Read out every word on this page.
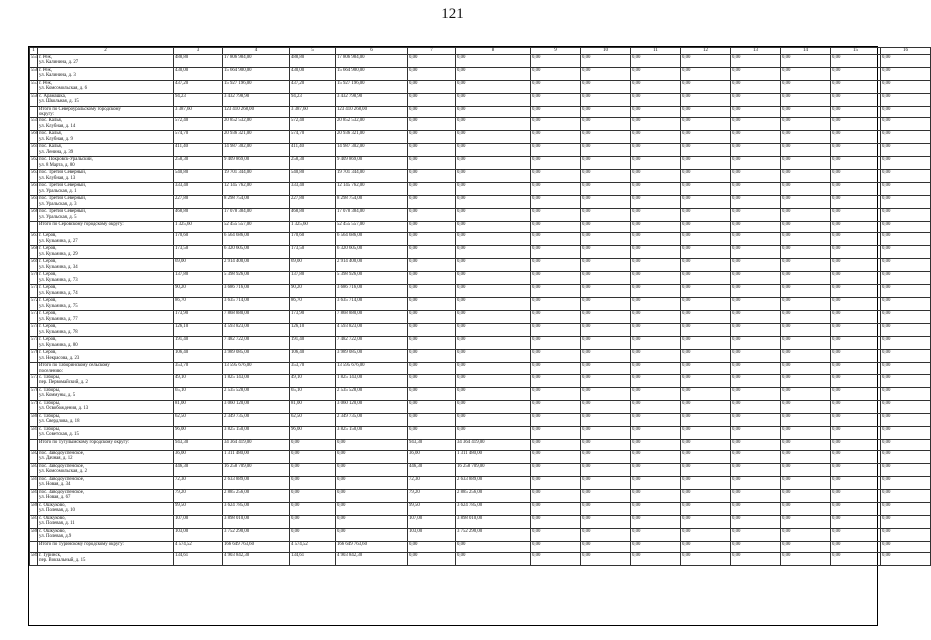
121
1	2	3	4	5	6	7	8	9	10	11	12	13	14	15	16
555	г. Реж,
ул. Калинина, д. 27	488,80	17 806 984,00	488,80	17 806 984,00	0,00	0,00	0,00	0,00	0,00	0,00	0,00	0,00	0,00	0,00
556	г. Реж,
ул. Калинина, д. 3	430,00	15 664 900,00	430,00	15 664 900,00	0,00	0,00	0,00	0,00	0,00	0,00	0,00	0,00	0,00	0,00
557	г. Реж,
ул. Комсомольская, д. 6	437,20	15 927 196,00	437,20	15 927 196,00	0,00	0,00	0,00	0,00	0,00	0,00	0,00	0,00	0,00	0,00
558	с. Арамашка,
ул. Школьная, д. 15	94,23	3 432 798,90	94,23	3 432 798,90	0,00	0,00	0,00	0,00	0,00	0,00	0,00	0,00	0,00	0,00

	Итого по Североуральскому городскому
округу:	3 387,60	123 410 268,00	3 387,60	123 410 268,00	0,00	0,00	0,00	0,00	0,00	0,00	0,00	0,00	0,00	0,00
559	пос. Калья,
ул. Клубная, д. 14	572,40	20 852 532,00	572,40	20 852 532,00	0,00	0,00	0,00	0,00	0,00	0,00	0,00	0,00	0,00	0,00
560	пос. Калья,
ул. Клубная, д. 9	574,70	20 936 321,00	574,70	20 936 321,00	0,00	0,00	0,00	0,00	0,00	0,00	0,00	0,00	0,00	0,00
561	пос. Калья,
ул. Ленина, д. 39	411,40	14 987 302,00	411,40	14 987 302,00	0,00	0,00	0,00	0,00	0,00	0,00	0,00	0,00	0,00	0,00
562	пос. Покровск-Уральский,
ул. 8 Марта, д. 80	258,30	9 409 869,00	258,30	9 409 869,00	0,00	0,00	0,00	0,00	0,00	0,00	0,00	0,00	0,00	0,00
563	пос. Третий Северный,
ул. Клубная, д. 13	540,80	19 701 344,00	540,80	19 701 344,00	0,00	0,00	0,00	0,00	0,00	0,00	0,00	0,00	0,00	0,00
564	пос. Третий Северный,
ул. Уральская, д. 1	333,40	12 145 762,00	333,40	12 145 762,00	0,00	0,00	0,00	0,00	0,00	0,00	0,00	0,00	0,00	0,00
565	пос. Третий Северный,
ул. Уральская, д. 3	227,80	8 298 754,00	227,80	8 298 754,00	0,00	0,00	0,00	0,00	0,00	0,00	0,00	0,00	0,00	0,00
566	пос. Третий Северный,
ул. Уральская, д. 5	468,80	17 078 384,00	468,80	17 078 384,00	0,00	0,00	0,00	0,00	0,00	0,00	0,00	0,00	0,00	0,00

	Итого по Серовскому городскому округу:	1 325,60	52 455 557,00	1 325,60	52 455 557,00	0,00	0,00	0,00	0,00	0,00	0,00	0,00	0,00	0,00	0,00
567	г. Серов,
ул. Кузьмина, д. 27	170,60	6 564 686,00	170,60	6 564 686,00	0,00	0,00	0,00	0,00	0,00	0,00	0,00	0,00	0,00	0,00
568	г. Серов,
ул. Кузьмина, д. 29	173,50	6 320 605,00	173,50	6 320 605,00	0,00	0,00	0,00	0,00	0,00	0,00	0,00	0,00	0,00	0,00
569	г. Серов,
ул. Кузьмина, д. 34	69,00	2 914 400,00	69,00	2 914 400,00	0,00	0,00	0,00	0,00	0,00	0,00	0,00	0,00	0,00	0,00
570	г. Серов,
ул. Кузьмина, д. 73	137,80	5 398 926,00	137,80	5 398 926,00	0,00	0,00	0,00	0,00	0,00	0,00	0,00	0,00	0,00	0,00
571	г. Серов,
ул. Кузьмина, д. 74	90,20	3 686 716,00	90,20	3 686 716,00	0,00	0,00	0,00	0,00	0,00	0,00	0,00	0,00	0,00	0,00
572	г. Серов,
ул. Кузьмина, д. 75	86,70	3 635 714,00	86,70	3 635 714,00	0,00	0,00	0,00	0,00	0,00	0,00	0,00	0,00	0,00	0,00
573	г. Серов,
ул. Кузьмина, д. 77	173,90	7 868 880,00	173,90	7 868 880,00	0,00	0,00	0,00	0,00	0,00	0,00	0,00	0,00	0,00	0,00
574	г. Серов,
ул. Кузьмина, д. 78	126,10	4 593 823,00	126,10	4 593 823,00	0,00	0,00	0,00	0,00	0,00	0,00	0,00	0,00	0,00	0,00
575	г. Серов,
ул. Кузьмина, д. 80	191,40	7 482 722,00	191,40	7 482 722,00	0,00	0,00	0,00	0,00	0,00	0,00	0,00	0,00	0,00	0,00
576	г. Серов,
ул. Некрасова, д. 23	106,40	3 989 085,00	106,40	3 989 085,00	0,00	0,00	0,00	0,00	0,00	0,00	0,00	0,00	0,00	0,00

	Итого по Таборинскому сельскому
поселению:	353,70	13 595 676,00	353,70	13 595 676,00	0,00	0,00	0,00	0,00	0,00	0,00	0,00	0,00	0,00	0,00
577	с. Таборы,
пер. Первомайский, д. 2	49,10	1 825 143,00	49,10	1 825 143,00	0,00	0,00	0,00	0,00	0,00	0,00	0,00	0,00	0,00	0,00
578	с. Таборы,
ул. Коммуны, д. 5	65,10	2 535 528,00	65,10	2 535 528,00	0,00	0,00	0,00	0,00	0,00	0,00	0,00	0,00	0,00	0,00
579	с. Таборы,
ул. Освобождения, д. 13	81,00	3 060 120,00	81,00	3 060 120,00	0,00	0,00	0,00	0,00	0,00	0,00	0,00	0,00	0,00	0,00
580	с. Таборы,
ул. Свердлова, д. 18	62,50	2 349 735,00	62,50	2 349 735,00	0,00	0,00	0,00	0,00	0,00	0,00	0,00	0,00	0,00	0,00
581	с. Таборы,
ул. Советская, д. 15	96,00	3 825 150,00	96,00	3 825 150,00	0,00	0,00	0,00	0,00	0,00	0,00	0,00	0,00	0,00	0,00

	Итого по Тугулымскому городскому округу:	943,30	34 364 419,00	0,00	0,00	943,30	34 364 419,00	0,00	0,00	0,00	0,00	0,00	0,00	0,00	0,00
582	пос. Заводоуспенское,
ул. Дачная, д. 12	36,00	1 311 480,00	0,00	0,00	36,00	1 311 480,00	0,00	0,00	0,00	0,00	0,00	0,00	0,00	0,00
583	пос. Заводоуспенское,
ул. Комсомольская, д. 2	446,30	16 258 709,00	0,00	0,00	446,30	16 258 709,00	0,00	0,00	0,00	0,00	0,00	0,00	0,00	0,00
584	пос. Заводоуспенское,
ул. Новая, д. 34	72,30	2 633 889,00	0,00	0,00	72,30	2 633 889,00	0,00	0,00	0,00	0,00	0,00	0,00	0,00	0,00
585	пос. Заводоуспенское,
ул. Новая, д. 67	79,20	2 885 256,00	0,00	0,00	79,20	2 885 256,00	0,00	0,00	0,00	0,00	0,00	0,00	0,00	0,00
586	с. Ошкуково,
ул. Полевая, д. 10	99,50	3 624 785,00	0,00	0,00	99,50	3 624 785,00	0,00	0,00	0,00	0,00	0,00	0,00	0,00	0,00
587	с. Ошкуково,
ул. Полевая, д. 11	107,00	3 898 010,00	0,00	0,00	107,00	3 898 010,00	0,00	0,00	0,00	0,00	0,00	0,00	0,00	0,00
588	с. Ошкуково,
ул. Полевая, д.9	103,00	3 752 290,00	0,00	0,00	103,00	3 752 290,00	0,00	0,00	0,00	0,00	0,00	0,00	0,00	0,00

	Итого по Туринскому городскому округу:	4 574,52	166 649 763,60	4 574,52	166 649 763,60	0,00	0,00	0,00	0,00	0,00	0,00	0,00	0,00	0,00	0,00
589	г. Туринск,
пер. Вокзальный, д. 15	134,61	4 903 842,30	134,61	4 903 842,30	0,00	0,00	0,00	0,00	0,00	0,00	0,00	0,00	0,00	0,00
